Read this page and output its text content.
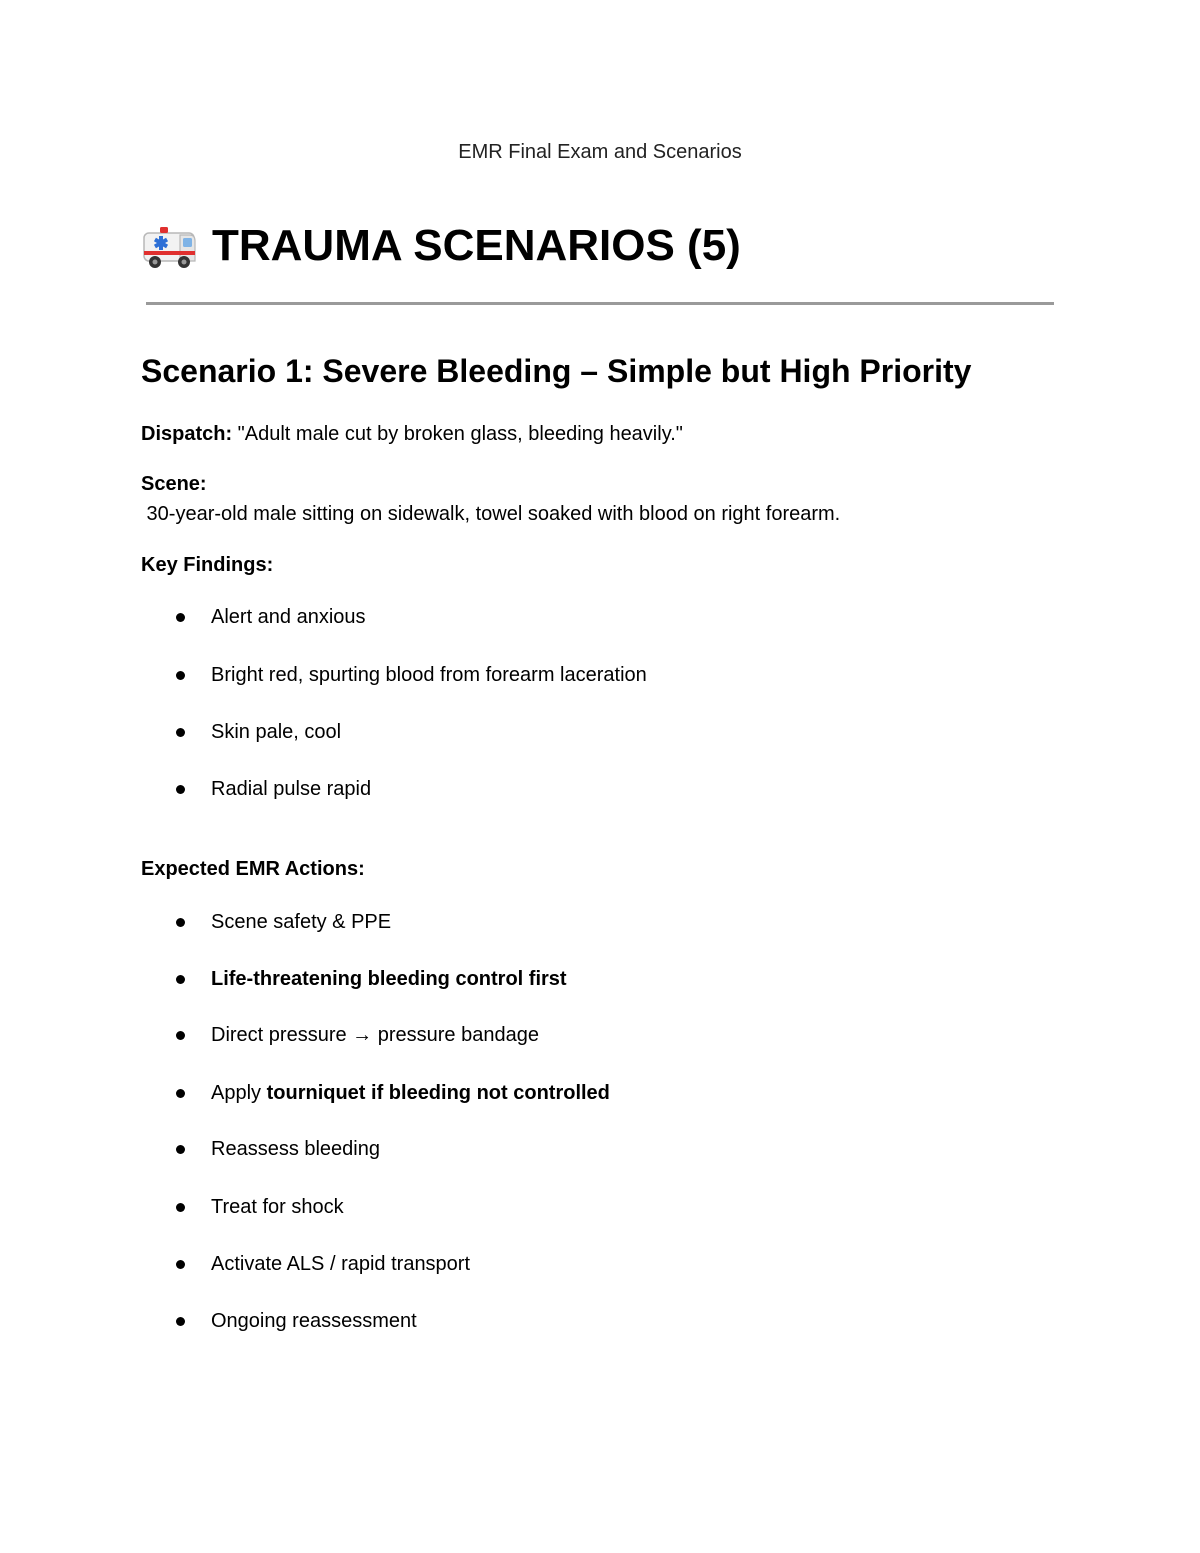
EMR Final Exam and Scenarios
TRAUMA SCENARIOS (5)
Scenario 1: Severe Bleeding – Simple but High Priority
Dispatch: "Adult male cut by broken glass, bleeding heavily."
Scene:
30-year-old male sitting on sidewalk, towel soaked with blood on right forearm.
Key Findings:
Alert and anxious
Bright red, spurting blood from forearm laceration
Skin pale, cool
Radial pulse rapid
Expected EMR Actions:
Scene safety & PPE
Life-threatening bleeding control first
Direct pressure → pressure bandage
Apply tourniquet if bleeding not controlled
Reassess bleeding
Treat for shock
Activate ALS / rapid transport
Ongoing reassessment
